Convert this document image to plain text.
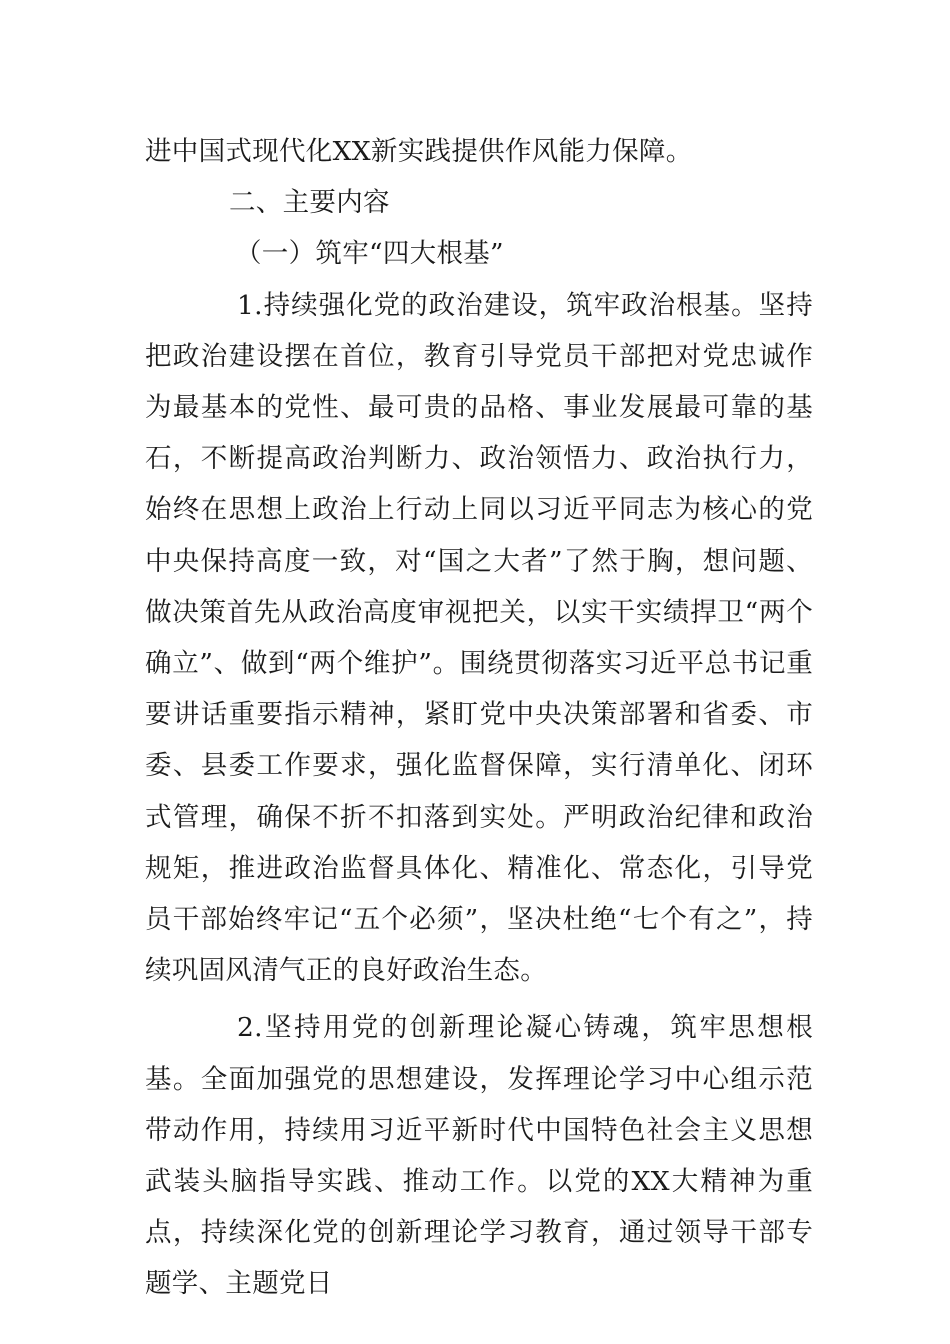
进中国式现代化XX新实践提供作风能力保障。

二、主要内容

（一）筑牢“四大根基”

1.持续强化党的政治建设，筑牢政治根基。坚持把政治建设摆在首位，教育引导党员干部把对党忠诚作为最基本的党性、最可贵的品格、事业发展最可靠的基石，不断提高政治判断力、政治领悟力、政治执行力，始终在思想上政治上行动上同以习近平同志为核心的党中央保持高度一致，对“国之大者”了然于胸，想问题、做决策首先从政治高度审视把关，以实干实绩捍卫“两个确立”、做到“两个维护”。围绕贯彻落实习近平总书记重要讲话重要指示精神，紧盯党中央决策部署和省委、市委、县委工作要求，强化监督保障，实行清单化、闭环式管理，确保不折不扣落到实处。严明政治纪律和政治规矩，推进政治监督具体化、精准化、常态化，引导党员干部始终牢记“五个必须”，坚决杜绝“七个有之”，持续巩固风清气正的良好政治生态。

2.坚持用党的创新理论凝心铸魂，筑牢思想根基。全面加强党的思想建设，发挥理论学习中心组示范带动作用，持续用习近平新时代中国特色社会主义思想武装头脑指导实践、推动工作。以党的XX大精神为重点，持续深化党的创新理论学习教育，通过领导干部专题学、主题党日
